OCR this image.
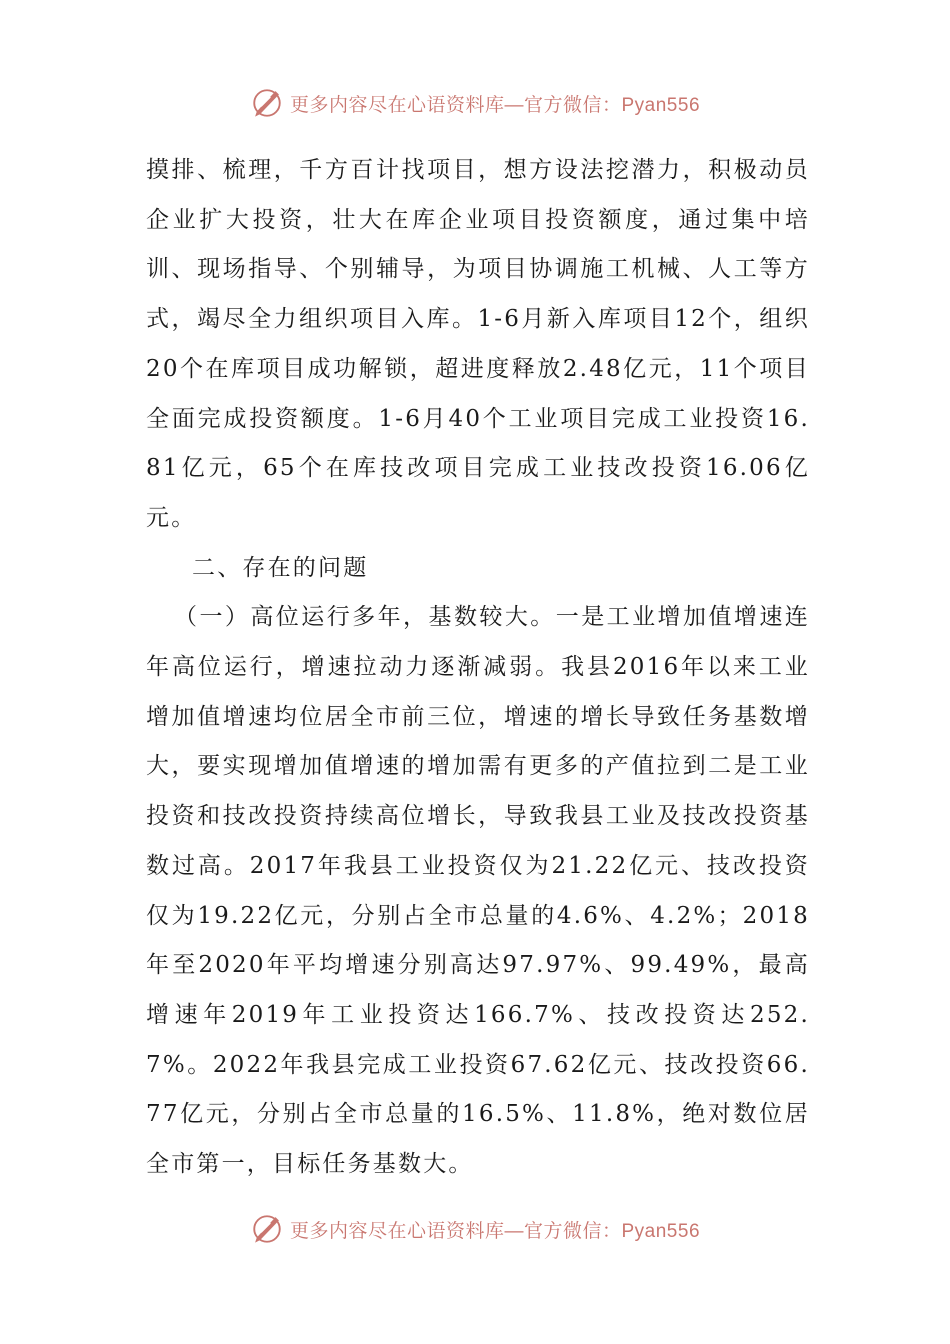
更多内容尽在心语资料库—官方微信：Pyan556

摸排、梳理，千方百计找项目，想方设法挖潜力，积极动员企业扩大投资，壮大在库企业项目投资额度，通过集中培训、现场指导、个别辅导，为项目协调施工机械、人工等方式，竭尽全力组织项目入库。1-6月新入库项目12个，组织20个在库项目成功解锁，超进度释放2.48亿元，11个项目全面完成投资额度。1-6月40个工业项目完成工业投资16.81亿元，65个在库技改项目完成工业技改投资16.06亿元。

二、存在的问题

（一）高位运行多年，基数较大。一是工业增加值增速连年高位运行，增速拉动力逐渐减弱。我县2016年以来工业增加值增速均位居全市前三位，增速的增长导致任务基数增大，要实现增加值增速的增加需有更多的产值拉到二是工业投资和技改投资持续高位增长，导致我县工业及技改投资基数过高。2017年我县工业投资仅为21.22亿元、技改投资仅为19.22亿元，分别占全市总量的4.6%、4.2%；2018年至2020年平均增速分别高达97.97%、99.49%，最高增速年2019年工业投资达166.7%、技改投资达252.7%。2022年我县完成工业投资67.62亿元、技改投资66.77亿元，分别占全市总量的16.5%、11.8%，绝对数位居全市第一，目标任务基数大。

更多内容尽在心语资料库—官方微信：Pyan556
